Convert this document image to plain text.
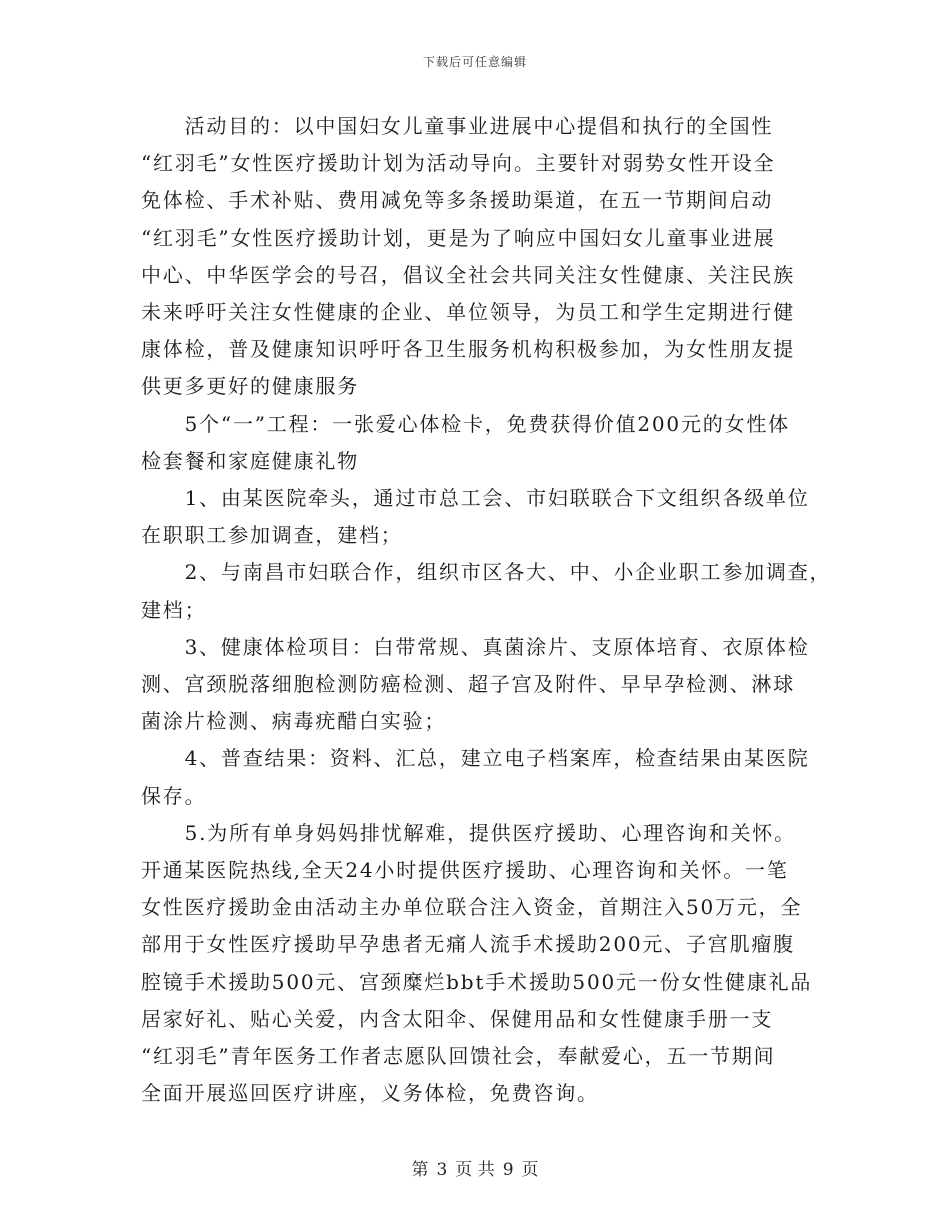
下载后可任意编辑

　　活动目的：以中国妇女儿童事业进展中心提倡和执行的全国性
“红羽毛”女性医疗援助计划为活动导向。主要针对弱势女性开设全
免体检、手术补贴、费用减免等多条援助渠道，在五一节期间启动
“红羽毛”女性医疗援助计划，更是为了响应中国妇女儿童事业进展
中心、中华医学会的号召，倡议全社会共同关注女性健康、关注民族
未来呼吁关注女性健康的企业、单位领导，为员工和学生定期进行健
康体检，普及健康知识呼吁各卫生服务机构积极参加，为女性朋友提
供更多更好的健康服务

　　5个“一”工程：一张爱心体检卡，免费获得价值200元的女性体
检套餐和家庭健康礼物

　　1、由某医院牵头，通过市总工会、市妇联联合下文组织各级单位
在职职工参加调查，建档；

　　2、与南昌市妇联合作，组织市区各大、中、小企业职工参加调查，
建档；

　　3、健康体检项目：白带常规、真菌涂片、支原体培育、衣原体检
测、宫颈脱落细胞检测防癌检测、超子宫及附件、早早孕检测、淋球
菌涂片检测、病毒疣醋白实验；

　　4、普查结果：资料、汇总，建立电子档案库，检查结果由某医院
保存。

　　5.为所有单身妈妈排忧解难，提供医疗援助、心理咨询和关怀。
开通某医院热线,全天24小时提供医疗援助、心理咨询和关怀。一笔
女性医疗援助金由活动主办单位联合注入资金，首期注入50万元，全
部用于女性医疗援助早孕患者无痛人流手术援助200元、子宫肌瘤腹
腔镜手术援助500元、宫颈糜烂bbt手术援助500元一份女性健康礼品
居家好礼、贴心关爱，内含太阳伞、保健用品和女性健康手册一支
“红羽毛”青年医务工作者志愿队回馈社会，奉献爱心，五一节期间
全面开展巡回医疗讲座，义务体检，免费咨询。

第 3 页 共 9 页
